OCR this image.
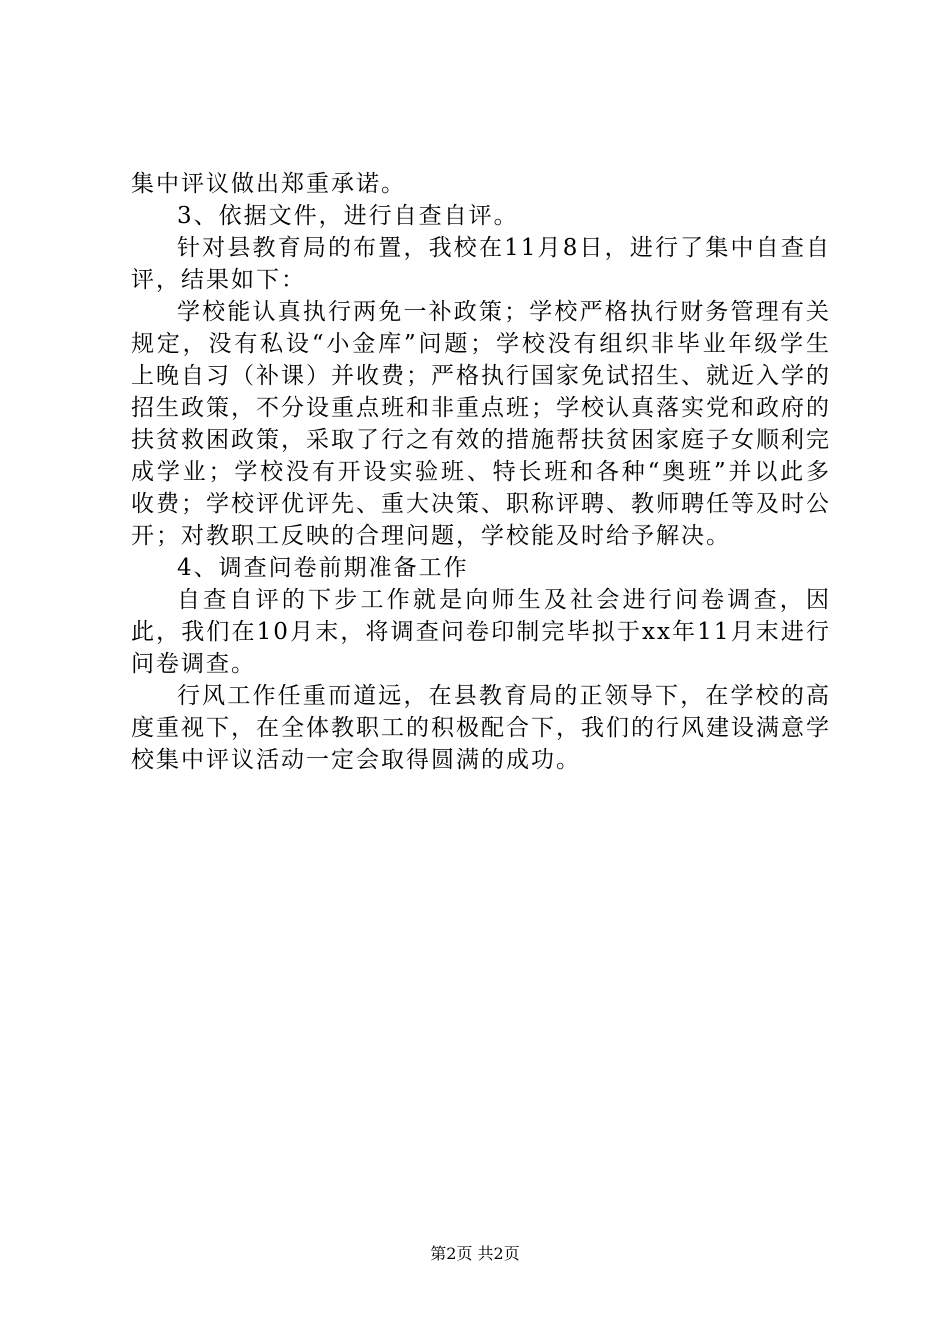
集中评议做出郑重承诺。

3、依据文件，进行自查自评。

针对县教育局的布置，我校在11月8日，进行了集中自查自评，结果如下：

学校能认真执行两免一补政策；学校严格执行财务管理有关规定，没有私设“小金库”问题；学校没有组织非毕业年级学生上晚自习（补课）并收费；严格执行国家免试招生、就近入学的招生政策，不分设重点班和非重点班；学校认真落实党和政府的扶贫救困政策，采取了行之有效的措施帮扶贫困家庭子女顺利完成学业；学校没有开设实验班、特长班和各种“奥班”并以此多收费；学校评优评先、重大决策、职称评聘、教师聘任等及时公开；对教职工反映的合理问题，学校能及时给予解决。

4、调查问卷前期准备工作

自查自评的下步工作就是向师生及社会进行问卷调查，因此，我们在10月末，将调查问卷印制完毕拟于xx年11月末进行问卷调查。

行风工作任重而道远，在县教育局的正领导下，在学校的高度重视下，在全体教职工的积极配合下，我们的行风建设满意学校集中评议活动一定会取得圆满的成功。

第2页 共2页
